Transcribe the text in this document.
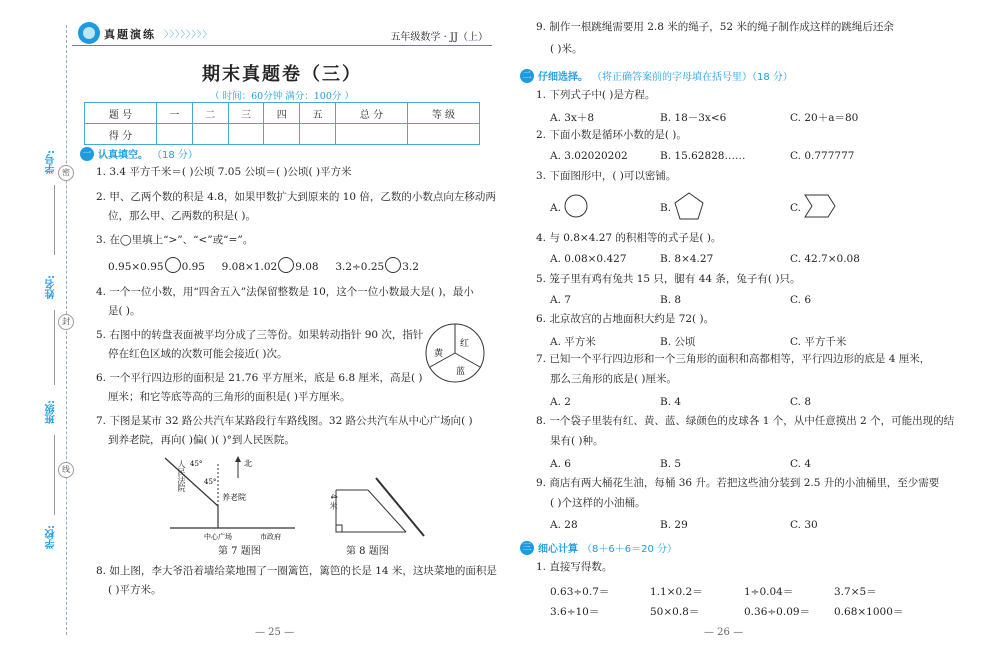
学号:
姓名:
班级:
学校:
密
封
线
真题演练 〉〉〉〉〉〉〉〉	五年级数学 · JJ（上）
期末真题卷（三）
（ 时间：60分钟 满分：100分 ）
题 号	一	二	三	四	五	总 分	等 级
得 分							
一 认真填空。 （18 分）
1. 3.4 平方千米＝( )公顷 7.05 公顷＝( )公顷( )平方米
2. 甲、乙两个数的积是 4.8，如果甲数扩大到原来的 10 倍，乙数的小数点向左移动两
位，那么甲、乙两数的积是( )。
3. 在◯里填上“>”、“<”或“=”。
0.95×0.95 0.95 9.08×1.02 9.08 3.2÷0.25 3.2
4. 一个一位小数，用“四舍五入”法保留整数是 10，这个一位小数最大是( )，最小
是( )。
5. 右图中的转盘表面被平均分成了三等份。如果转动指针 90 次，指针
停在红色区域的次数可能会接近( )次。
红
黄
蓝
6. 一个平行四边形的面积是 21.76 平方厘米，底是 6.8 厘米，高是( )
厘米；和它等底等高的三角形的面积是( )平方厘米。
7. 下图是某市 32 路公共汽车某路段行车路线图。32 路公共汽车从中心广场向( )
到养老院，再向( )偏( )( )°到人民医院。
北
45°
45°
养老院
中心广场	市政府
人民法院
第 7 题图
4 米
第 8 题图
8. 如上图，李大爷沿着墙给菜地围了一圈篱笆，篱笆的长是 14 米，这块菜地的面积是
( )平方米。
— 25 —
9. 制作一根跳绳需要用 2.8 米的绳子，52 米的绳子制作成这样的跳绳后还余
( )米。
二 仔细选择。 （将正确答案前的字母填在括号里）（18 分）
1. 下列式子中( )是方程。
A. 3x＋8	B. 18－3x<6	C. 20＋a＝80
2. 下面小数是循环小数的是( )。
A. 3.02020202	B. 15.62828……	C. 0.777777
3. 下面图形中，( )可以密铺。
A.	B.	C.
4. 与 0.8×4.27 的积相等的式子是( )。
A. 0.08×0.427	B. 8×4.27	C. 42.7×0.08
5. 笼子里有鸡有兔共 15 只，腿有 44 条，兔子有( )只。
A. 7	B. 8	C. 6
6. 北京故宫的占地面积大约是 72( )。
A. 平方米	B. 公顷	C. 平方千米
7. 已知一个平行四边形和一个三角形的面积和高都相等，平行四边形的底是 4 厘米，
那么三角形的底是( )厘米。
A. 2	B. 4	C. 8
8. 一个袋子里装有红、黄、蓝、绿颜色的皮球各 1 个，从中任意摸出 2 个，可能出现的结
果有( )种。
A. 6	B. 5	C. 4
9. 商店有两大桶花生油，每桶 36 升。若把这些油分装到 2.5 升的小油桶里，至少需要
( )个这样的小油桶。
A. 28	B. 29	C. 30
三 细心计算 （8＋6＋6＝20 分）
1. 直接写得数。
0.63÷0.7＝	1.1×0.2＝	1÷0.04＝	3.7×5＝
3.6÷10＝	50×0.8＝	0.36÷0.09＝ 0.68×1000＝
— 26 —
